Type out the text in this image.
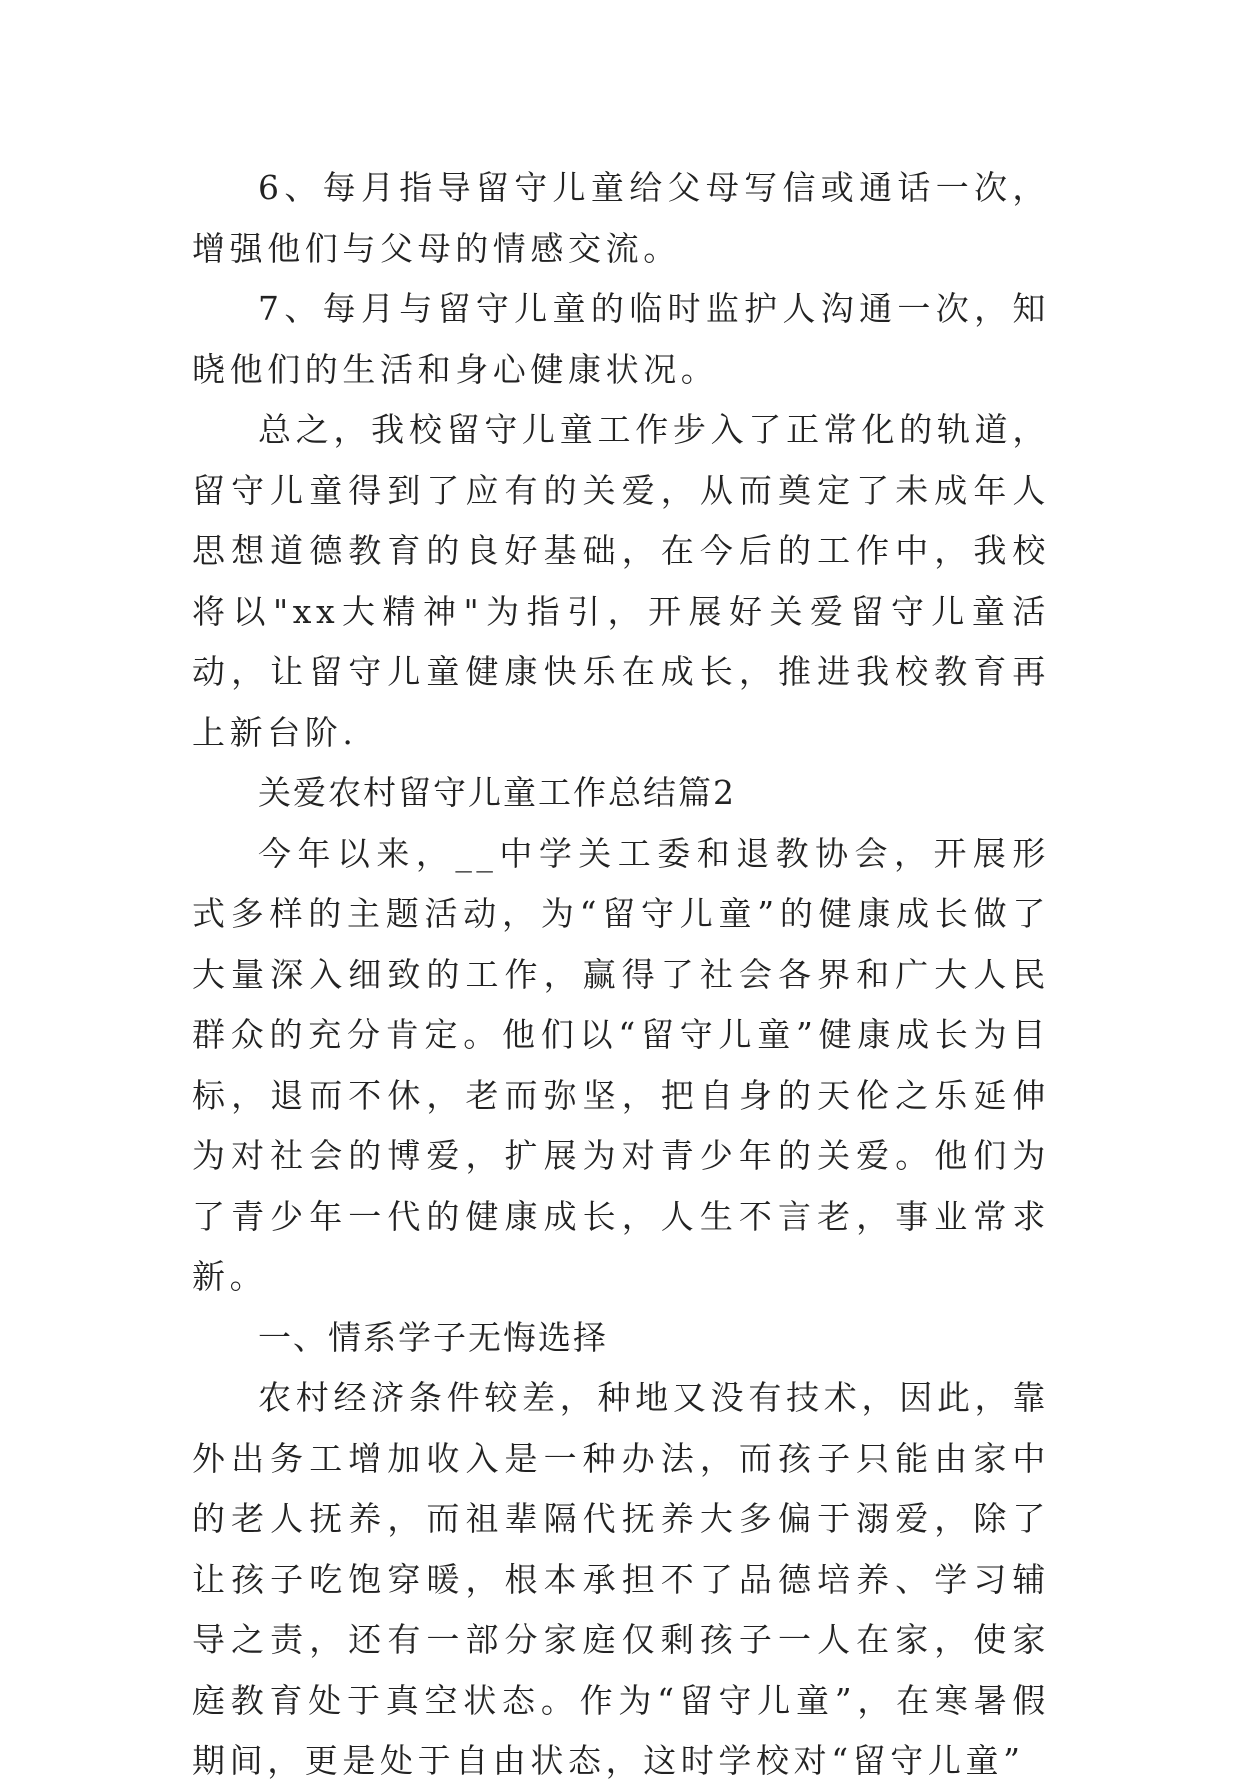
6、每月指导留守儿童给父母写信或通话一次，增强他们与父母的情感交流。

7、每月与留守儿童的临时监护人沟通一次，知晓他们的生活和身心健康状况。

总之，我校留守儿童工作步入了正常化的轨道，留守儿童得到了应有的关爱，从而奠定了未成年人思想道德教育的良好基础，在今后的工作中，我校将以"xx大精神"为指引，开展好关爱留守儿童活动，让留守儿童健康快乐在成长，推进我校教育再上新台阶.

关爱农村留守儿童工作总结篇2

今年以来，__中学关工委和退教协会，开展形式多样的主题活动，为“留守儿童”的健康成长做了大量深入细致的工作，赢得了社会各界和广大人民群众的充分肯定。他们以“留守儿童”健康成长为目标，退而不休，老而弥坚，把自身的天伦之乐延伸为对社会的博爱，扩展为对青少年的关爱。他们为了青少年一代的健康成长，人生不言老，事业常求新。

一、情系学子无悔选择

农村经济条件较差，种地又没有技术，因此，靠外出务工增加收入是一种办法，而孩子只能由家中的老人抚养，而祖辈隔代抚养大多偏于溺爱，除了让孩子吃饱穿暖，根本承担不了品德培养、学习辅导之责，还有一部分家庭仅剩孩子一人在家，使家庭教育处于真空状态。作为“留守儿童”，在寒暑假期间，更是处于自由状态，这时学校对“留守儿童”
